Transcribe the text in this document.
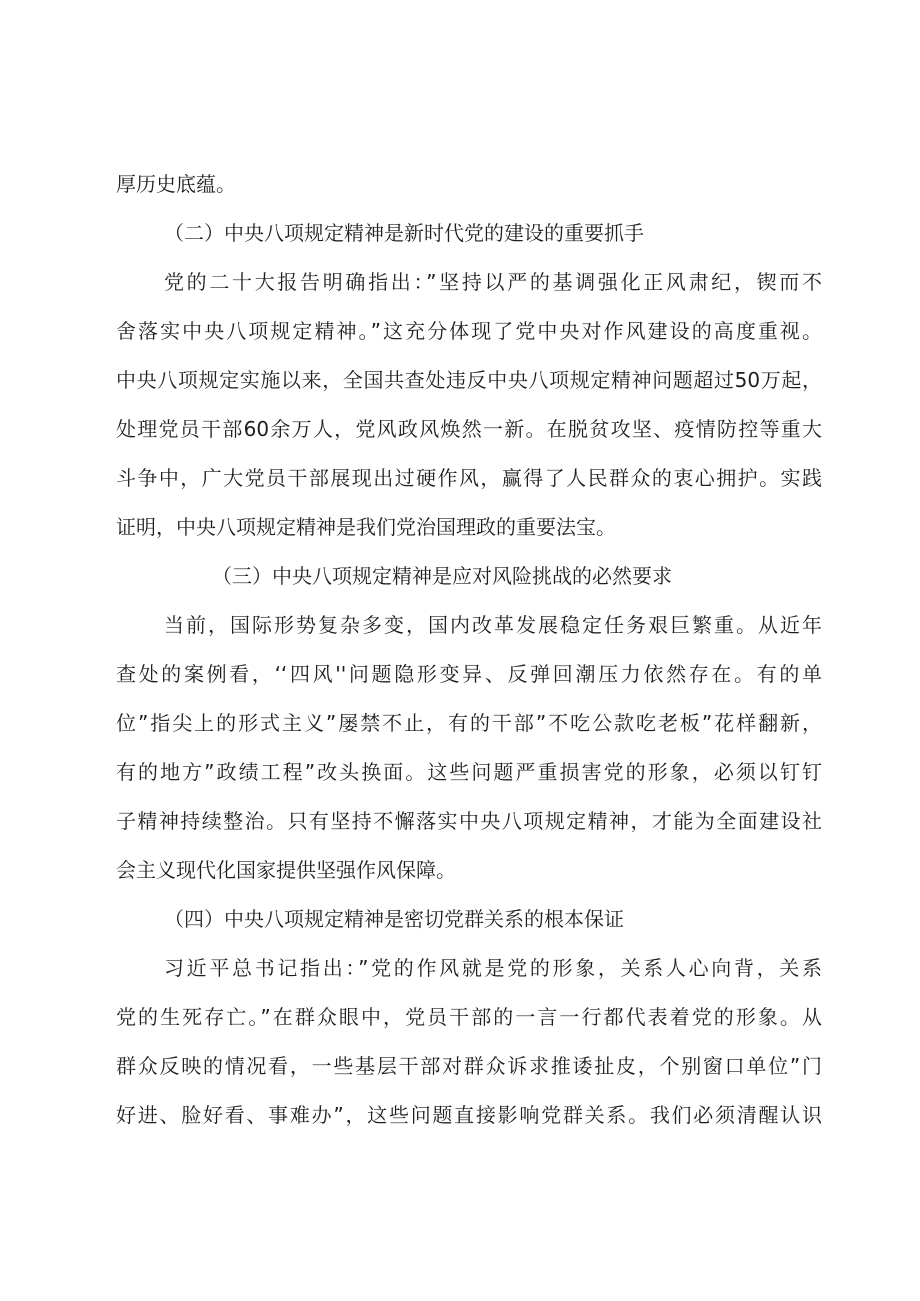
厚历史底蕴。
（二）中央八项规定精神是新时代党的建设的重要抓手
党的二十大报告明确指出：”坚持以严的基调强化正风肃纪，锲而不
舍落实中央八项规定精神。”这充分体现了党中央对作风建设的高度重视。
中央八项规定实施以来，全国共查处违反中央八项规定精神问题超过50万起，
处理党员干部60余万人，党风政风焕然一新。在脱贫攻坚、疫情防控等重大
斗争中，广大党员干部展现出过硬作风，赢得了人民群众的衷心拥护。实践
证明，中央八项规定精神是我们党治国理政的重要法宝。
（三）中央八项规定精神是应对风险挑战的必然要求
当前，国际形势复杂多变，国内改革发展稳定任务艰巨繁重。从近年
查处的案例看，‘‘四风''问题隐形变异、反弹回潮压力依然存在。有的单
位”指尖上的形式主义”屡禁不止，有的干部”不吃公款吃老板”花样翻新，
有的地方”政绩工程”改头换面。这些问题严重损害党的形象，必须以钉钉
子精神持续整治。只有坚持不懈落实中央八项规定精神，才能为全面建设社
会主义现代化国家提供坚强作风保障。
（四）中央八项规定精神是密切党群关系的根本保证
习近平总书记指出：”党的作风就是党的形象，关系人心向背，关系
党的生死存亡。”在群众眼中，党员干部的一言一行都代表着党的形象。从
群众反映的情况看，一些基层干部对群众诉求推诿扯皮，个别窗口单位”门
好进、脸好看、事难办”，这些问题直接影响党群关系。我们必须清醒认识
